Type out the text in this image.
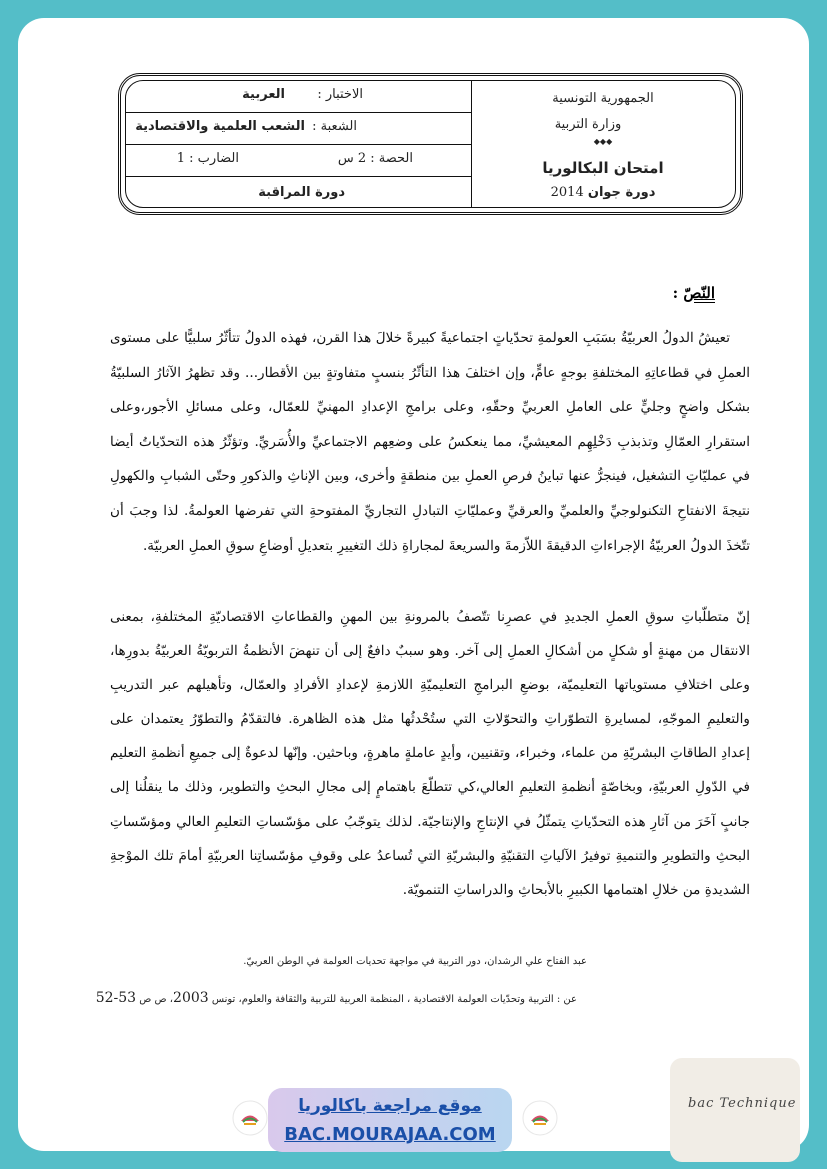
الاختبار :
العربية
الشعبة :
الشعب العلمية والاقتصادية
الحصة : 2 س
الضارب : 1
دورة المراقبة
الجمهورية التونسية
وزارة التربية
◆◆◆
امتحان البكالوريا
دورة جوان 2014
النّصّ :
تعيشُ الدولُ العربيّةُ بسَبَبِ العولمةِ تحدّياتٍ اجتماعيةً كبيرةً خلالَ هذا القرن، فهذه الدولُ تتأثّرُ سلبيًّا على مستوى العملِ في قطاعاتِهِ المختلفةِ بوجهٍ عامٍّ، وإن اختلفَ هذا التأثّرُ بنسبٍ متفاوتةٍ بين الأقطار... وقد تظهرُ الآثارُ السلبيّةُ بشكل واضحٍ وجليٍّ على العاملِ العربيِّ وحقّهِ، وعلى برامجِ الإعدادِ المهنيِّ للعمّال، وعلى مسائلِ الأجور،وعلى استقرارِ العمّالِ وتذبذبِ دَخْلِهِم المعيشيِّ، مما ينعكسُ على وضعِهم الاجتماعيِّ والأُسَريِّ. وتؤثّرُ هذه التحدّياتُ أيضا في عمليّاتِ التشغيل، فينجرُّ عنها تباينُ فرصِ العملِ بين منطقةٍ وأخرى، وبين الإناثِ والذكورِ وحتّى الشبابِ والكهولِ نتيجةَ الانفتاحِ التكنولوجيِّ والعلميِّ والعرقيِّ وعمليّاتِ التبادلِ التجاريِّ المفتوحةِ التي تفرضها العولمةُ. لذا وجبَ أن تتّخذَ الدولُ العربيّةُ الإجراءاتِ الدقيقةَ اللاّزمةَ والسريعةَ لمجاراةِ ذلك التغييرِ بتعديلِ أوضاعِ سوقِ العملِ العربيّة.
إنّ متطلّباتِ سوقِ العملِ الجديدِ في عصرِنا تتّصفُ بالمرونةِ بين المهنِ والقطاعاتِ الاقتصاديّةِ المختلفةِ، بمعنى الانتقال من مهنةٍ أو شكلٍ من أشكالِ العملِ إلى آخر. وهو سببٌ دافعٌ إلى أن تنهضَ الأنظمةُ التربويّةُ العربيّةُ بدورِها، وعلى اختلافِ مستوياتها التعليميّة، بوضعِ البرامجِ التعليميّةِ اللازمةِ لإعدادِ الأفرادِ والعمّال، وتأهيلهم عبر التدريبِ والتعليمِ الموجّهِ، لمسايرةِ التطوّراتِ والتحوّلاتِ التي ستُحْدثُها مثل هذه الظاهرة. فالتقدّمُ والتطوّرُ يعتمدان على إعدادِ الطاقاتِ البشريّةِ من علماء، وخبراء، وتقنيين، وأيدٍ عاملةٍ ماهرةٍ، وباحثين. وإنّها لدعوةٌ إلى جميعِ أنظمةِ التعليم في الدّولِ العربيّةِ، وبخاصّةٍ أنظمةِ التعليمِ العالي،كي تتطلّعَ باهتمامٍ إلى مجالِ البحثِ والتطوير، وذلك ما ينقلُنا إلى جانبٍ آخَرَ من آثارِ هذه التحدّياتِ يتمثّلُ في الإنتاجِ والإنتاجيّة. لذلك يتوجّبُ على مؤسّساتِ التعليمِ العالي ومؤسّساتِ البحثِ والتطويرِ والتنميةِ توفيرُ الآلياتِ التقنيّةِ والبشريّةِ التي تُساعدُ على وقوفِ مؤسّساتِنا العربيّةِ أمامَ تلك الموْجةِ الشديدةِ من خلالِ اهتمامها الكبيرِ بالأبحاثِ والدراساتِ التنمويّة.
عبد الفتاح علي الرشدان، دور التربية في مواجهة تحديات العولمة في الوطن العربيّ.
عن : التربية وتحدّيات العولمة الاقتصادية ، المنظمة العربية للتربية والثقافة والعلوم، تونس 2003، ص ص 52-53
موقع مراجعة باكالوريا
BAC.MOURAJAA.COM
bac Technique
